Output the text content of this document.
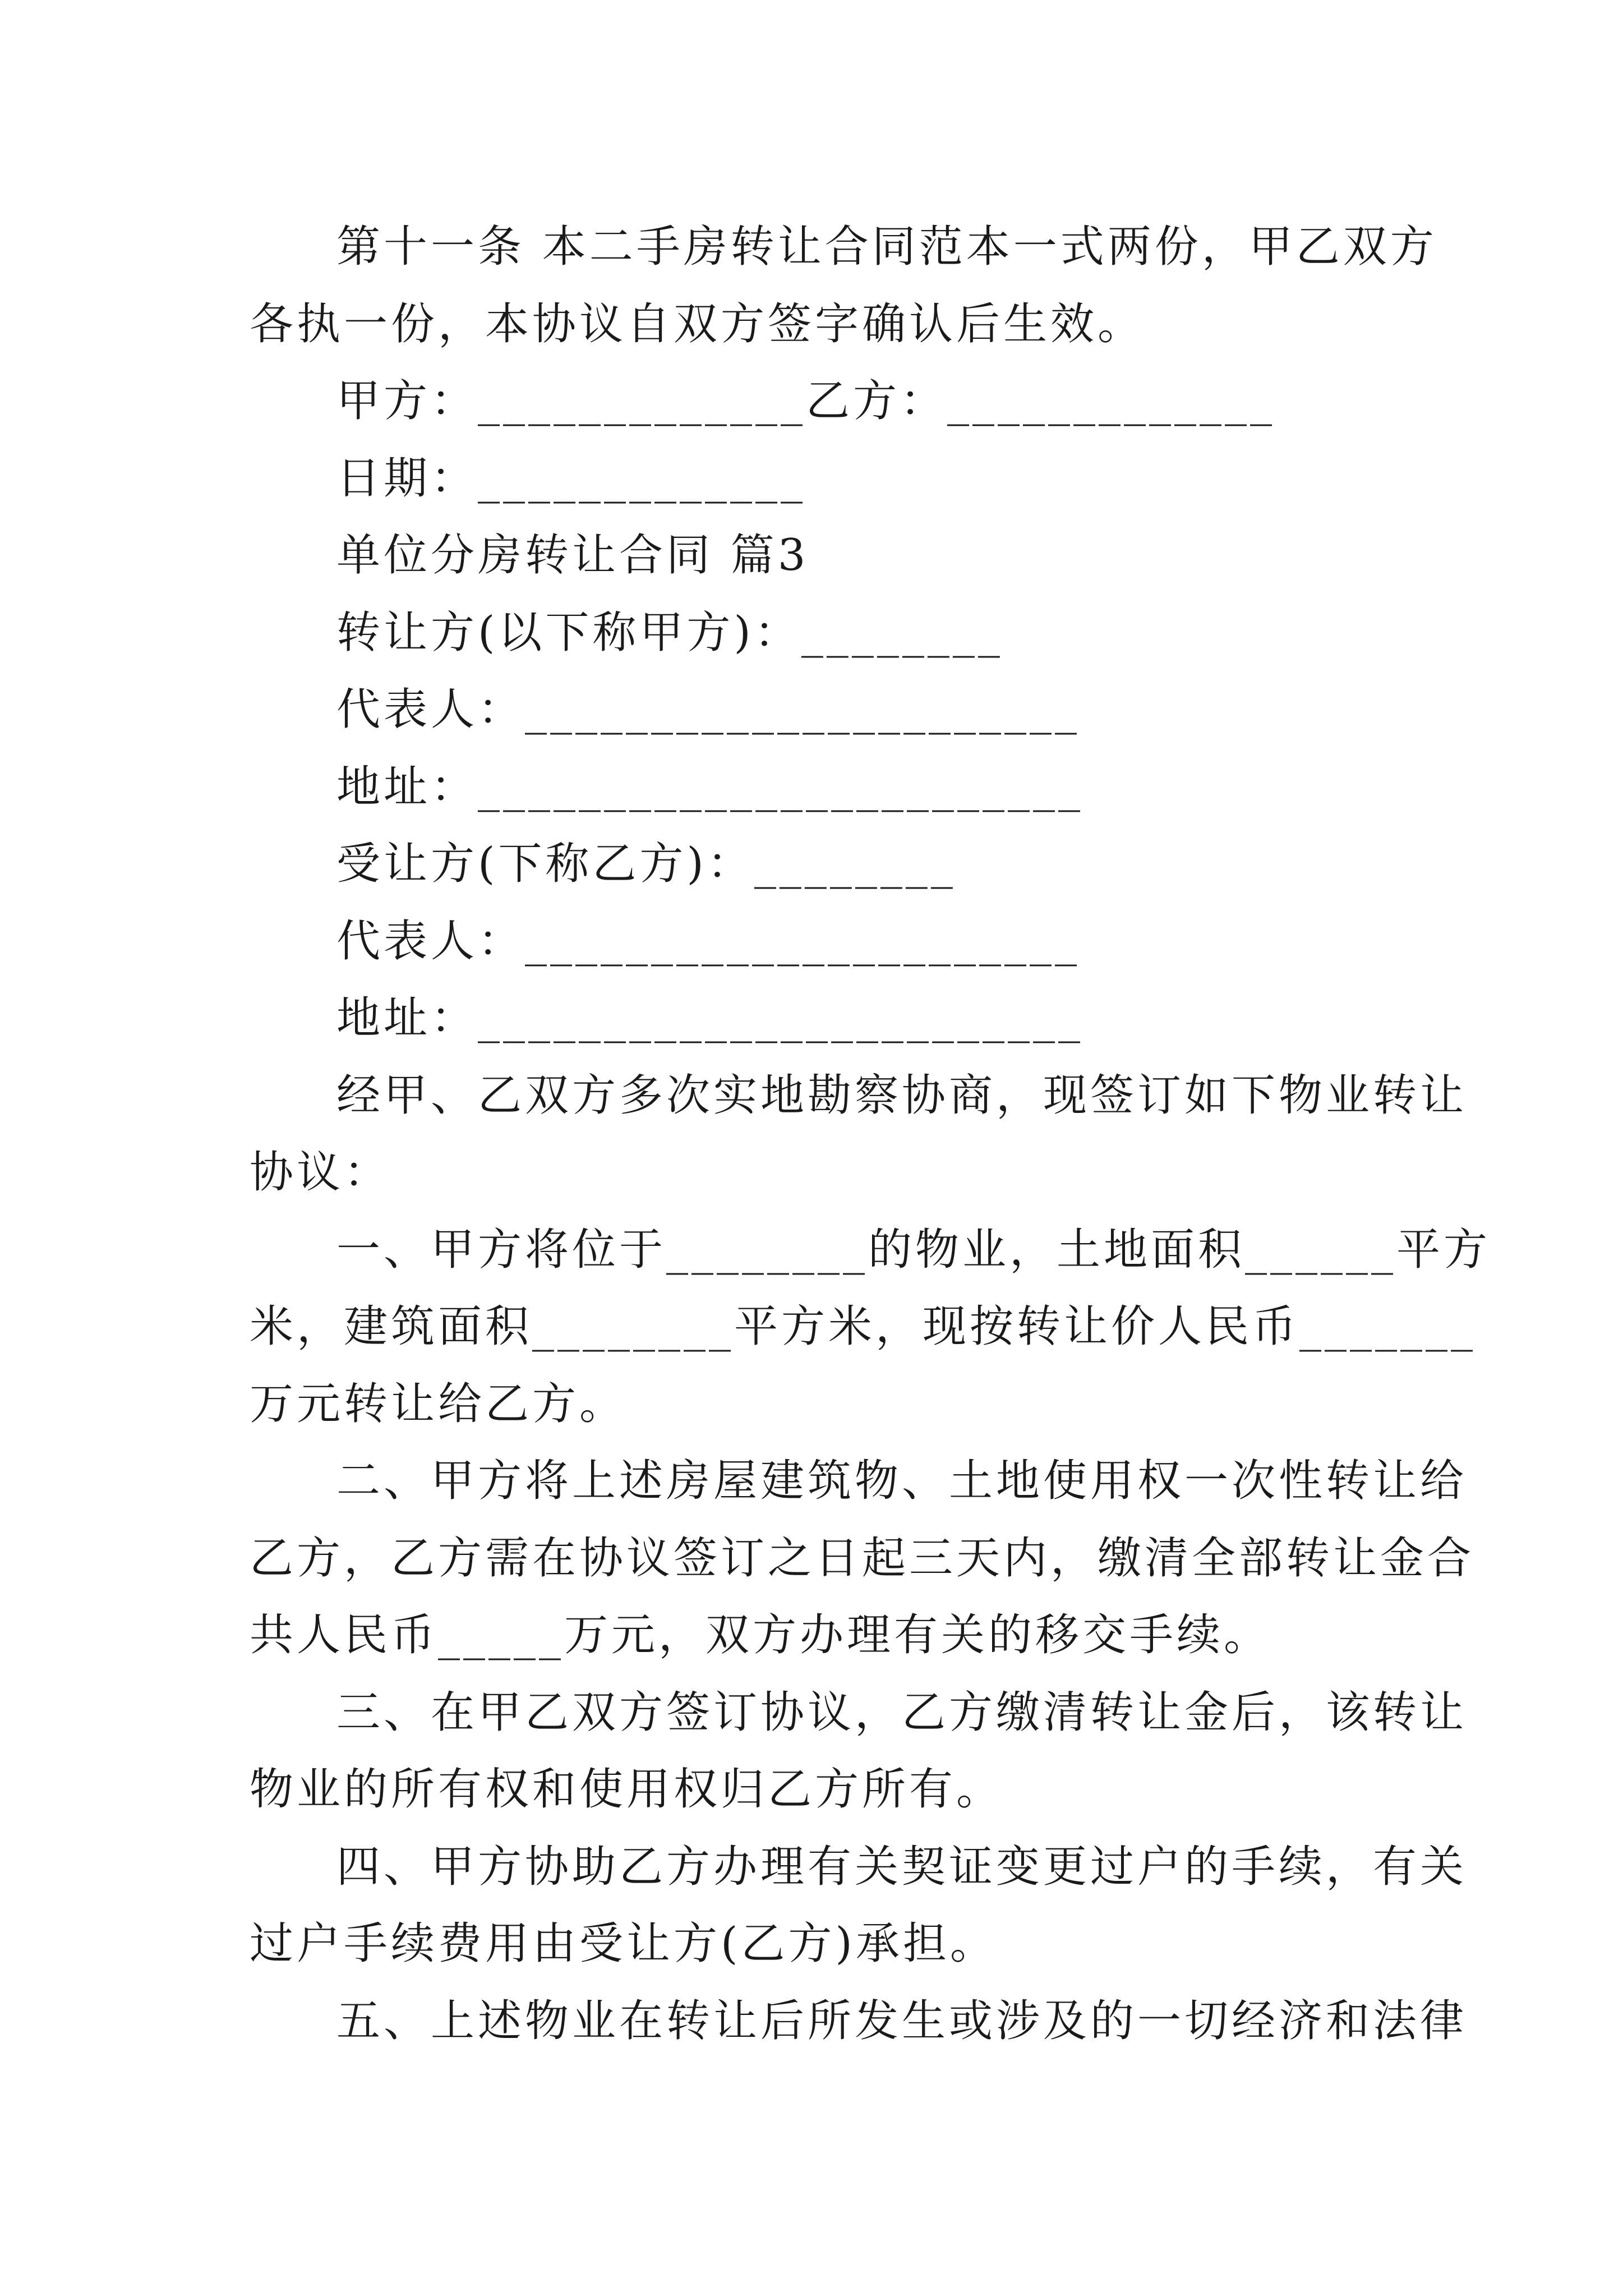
第十一条 本二手房转让合同范本一式两份，甲乙双方
各执一份，本协议自双方签字确认后生效。
甲方：_____________乙方：_____________
日期：_____________
单位分房转让合同 篇3
转让方(以下称甲方)：________
代表人：______________________
地址：________________________
受让方(下称乙方)：________
代表人：______________________
地址：________________________
经甲、乙双方多次实地勘察协商，现签订如下物业转让
协议：
一、甲方将位于________的物业，土地面积______平方
米，建筑面积________平方米，现按转让价人民币_______
万元转让给乙方。
二、甲方将上述房屋建筑物、土地使用权一次性转让给
乙方，乙方需在协议签订之日起三天内，缴清全部转让金合
共人民币_____万元，双方办理有关的移交手续。
三、在甲乙双方签订协议，乙方缴清转让金后，该转让
物业的所有权和使用权归乙方所有。
四、甲方协助乙方办理有关契证变更过户的手续，有关
过户手续费用由受让方(乙方)承担。
五、上述物业在转让后所发生或涉及的一切经济和法律
